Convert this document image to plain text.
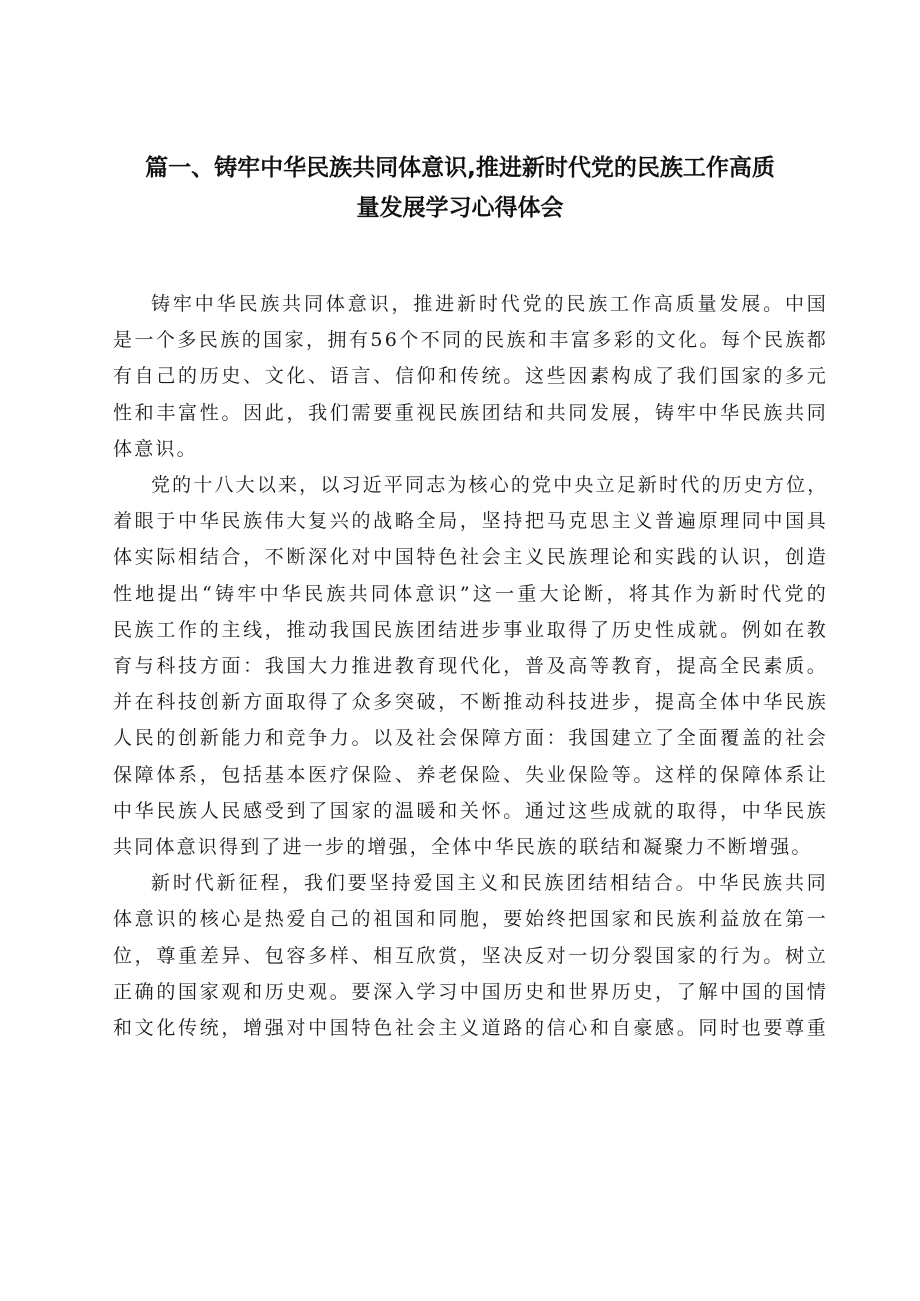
篇一、铸牢中华民族共同体意识,推进新时代党的民族工作高质
量发展学习心得体会
铸牢中华民族共同体意识，推进新时代党的民族工作高质量发展。中国
是一个多民族的国家，拥有56个不同的民族和丰富多彩的文化。每个民族都
有自己的历史、文化、语言、信仰和传统。这些因素构成了我们国家的多元
性和丰富性。因此，我们需要重视民族团结和共同发展，铸牢中华民族共同
体意识。
党的十八大以来，以习近平同志为核心的党中央立足新时代的历史方位，
着眼于中华民族伟大复兴的战略全局，坚持把马克思主义普遍原理同中国具
体实际相结合，不断深化对中国特色社会主义民族理论和实践的认识，创造
性地提出“铸牢中华民族共同体意识”这一重大论断，将其作为新时代党的
民族工作的主线，推动我国民族团结进步事业取得了历史性成就。例如在教
育与科技方面：我国大力推进教育现代化，普及高等教育，提高全民素质。
并在科技创新方面取得了众多突破，不断推动科技进步，提高全体中华民族
人民的创新能力和竞争力。以及社会保障方面：我国建立了全面覆盖的社会
保障体系，包括基本医疗保险、养老保险、失业保险等。这样的保障体系让
中华民族人民感受到了国家的温暖和关怀。通过这些成就的取得，中华民族
共同体意识得到了进一步的增强，全体中华民族的联结和凝聚力不断增强。
新时代新征程，我们要坚持爱国主义和民族团结相结合。中华民族共同
体意识的核心是热爱自己的祖国和同胞，要始终把国家和民族利益放在第一
位，尊重差异、包容多样、相互欣赏，坚决反对一切分裂国家的行为。树立
正确的国家观和历史观。要深入学习中国历史和世界历史，了解中国的国情
和文化传统，增强对中国特色社会主义道路的信心和自豪感。同时也要尊重
